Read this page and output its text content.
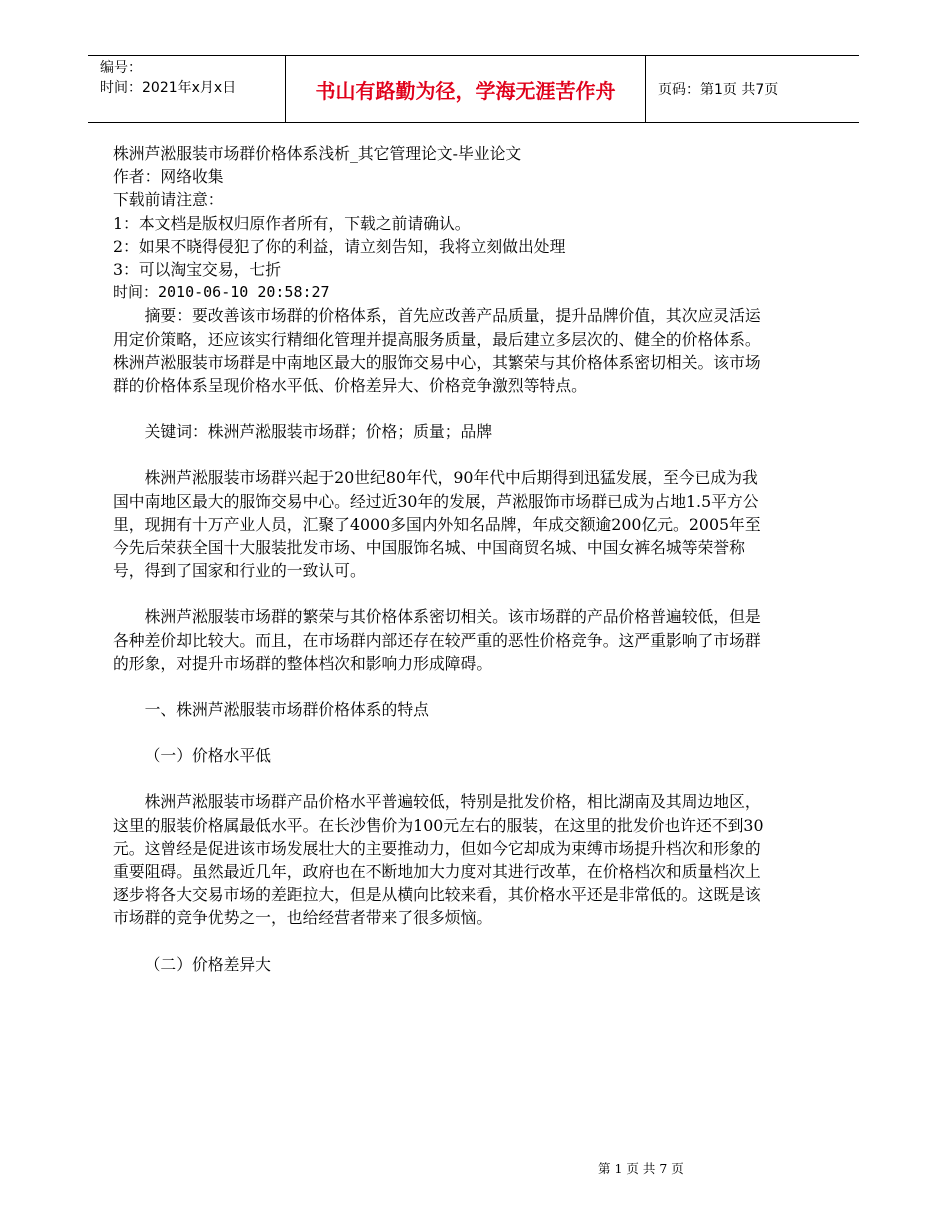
编号：
时间：2021年x月x日	书山有路勤为径，学海无涯苦作舟	页码：第1页 共7页

株洲芦淞服装市场群价格体系浅析_其它管理论文-毕业论文

作者：网络收集

下载前请注意：

1：本文档是版权归原作者所有，下载之前请确认。

2：如果不晓得侵犯了你的利益，请立刻告知，我将立刻做出处理

3：可以淘宝交易，七折

时间：2010-06-10 20:58:27

摘要：要改善该市场群的价格体系，首先应改善产品质量，提升品牌价值，其次应灵活运用定价策略，还应该实行精细化管理并提高服务质量，最后建立多层次的、健全的价格体系。株洲芦淞服装市场群是中南地区最大的服饰交易中心，其繁荣与其价格体系密切相关。该市场群的价格体系呈现价格水平低、价格差异大、价格竞争激烈等特点。

关键词：株洲芦淞服装市场群；价格；质量；品牌

株洲芦淞服装市场群兴起于20世纪80年代，90年代中后期得到迅猛发展，至今已成为我国中南地区最大的服饰交易中心。经过近30年的发展，芦淞服饰市场群已成为占地1.5平方公里，现拥有十万产业人员，汇聚了4000多国内外知名品牌，年成交额逾200亿元。2005年至今先后荣获全国十大服装批发市场、中国服饰名城、中国商贸名城、中国女裤名城等荣誉称号，得到了国家和行业的一致认可。

株洲芦淞服装市场群的繁荣与其价格体系密切相关。该市场群的产品价格普遍较低，但是各种差价却比较大。而且，在市场群内部还存在较严重的恶性价格竞争。这严重影响了市场群的形象，对提升市场群的整体档次和影响力形成障碍。

一、株洲芦淞服装市场群价格体系的特点

（一）价格水平低

株洲芦淞服装市场群产品价格水平普遍较低，特别是批发价格，相比湖南及其周边地区，这里的服装价格属最低水平。在长沙售价为100元左右的服装，在这里的批发价也许还不到30元。这曾经是促进该市场发展壮大的主要推动力，但如今它却成为束缚市场提升档次和形象的重要阻碍。虽然最近几年，政府也在不断地加大力度对其进行改革，在价格档次和质量档次上逐步将各大交易市场的差距拉大，但是从横向比较来看，其价格水平还是非常低的。这既是该市场群的竞争优势之一，也给经营者带来了很多烦恼。

（二）价格差异大

第 1 页 共 7 页
